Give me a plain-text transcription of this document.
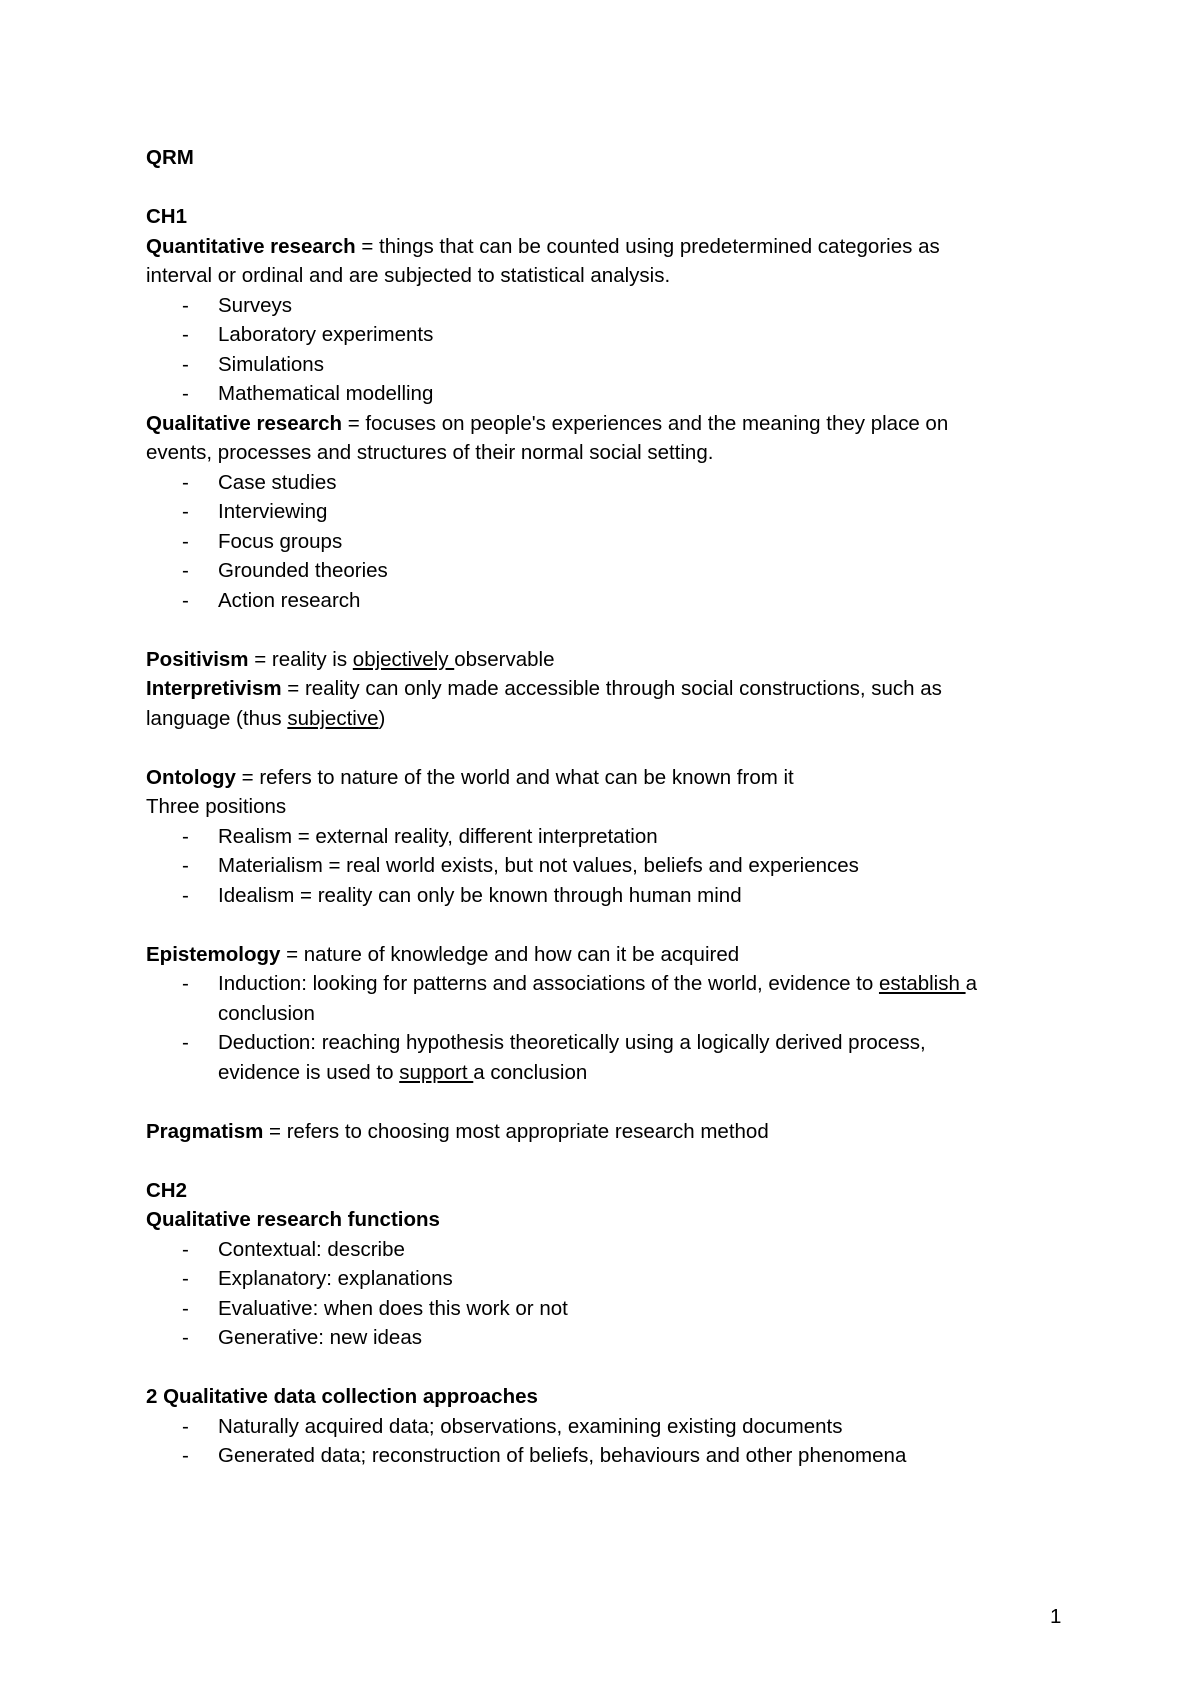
QRM
CH1
Quantitative research = things that can be counted using predetermined categories as
interval or ordinal and are subjected to statistical analysis.
- Surveys
- Laboratory experiments
- Simulations
- Mathematical modelling
Qualitative research = focuses on people's experiences and the meaning they place on
events, processes and structures of their normal social setting.
- Case studies
- Interviewing
- Focus groups
- Grounded theories
- Action research
Positivism = reality is objectively observable
Interpretivism = reality can only made accessible through social constructions, such as
language (thus subjective)
Ontology = refers to nature of the world and what can be known from it
Three positions
- Realism = external reality, different interpretation
- Materialism = real world exists, but not values, beliefs and experiences
- Idealism = reality can only be known through human mind
Epistemology = nature of knowledge and how can it be acquired
- Induction: looking for patterns and associations of the world, evidence to establish a
conclusion
- Deduction: reaching hypothesis theoretically using a logically derived process,
evidence is used to support a conclusion
Pragmatism = refers to choosing most appropriate research method
CH2
Qualitative research functions
- Contextual: describe
- Explanatory: explanations
- Evaluative: when does this work or not
- Generative: new ideas
2 Qualitative data collection approaches
- Naturally acquired data; observations, examining existing documents
- Generated data; reconstruction of beliefs, behaviours and other phenomena
1
